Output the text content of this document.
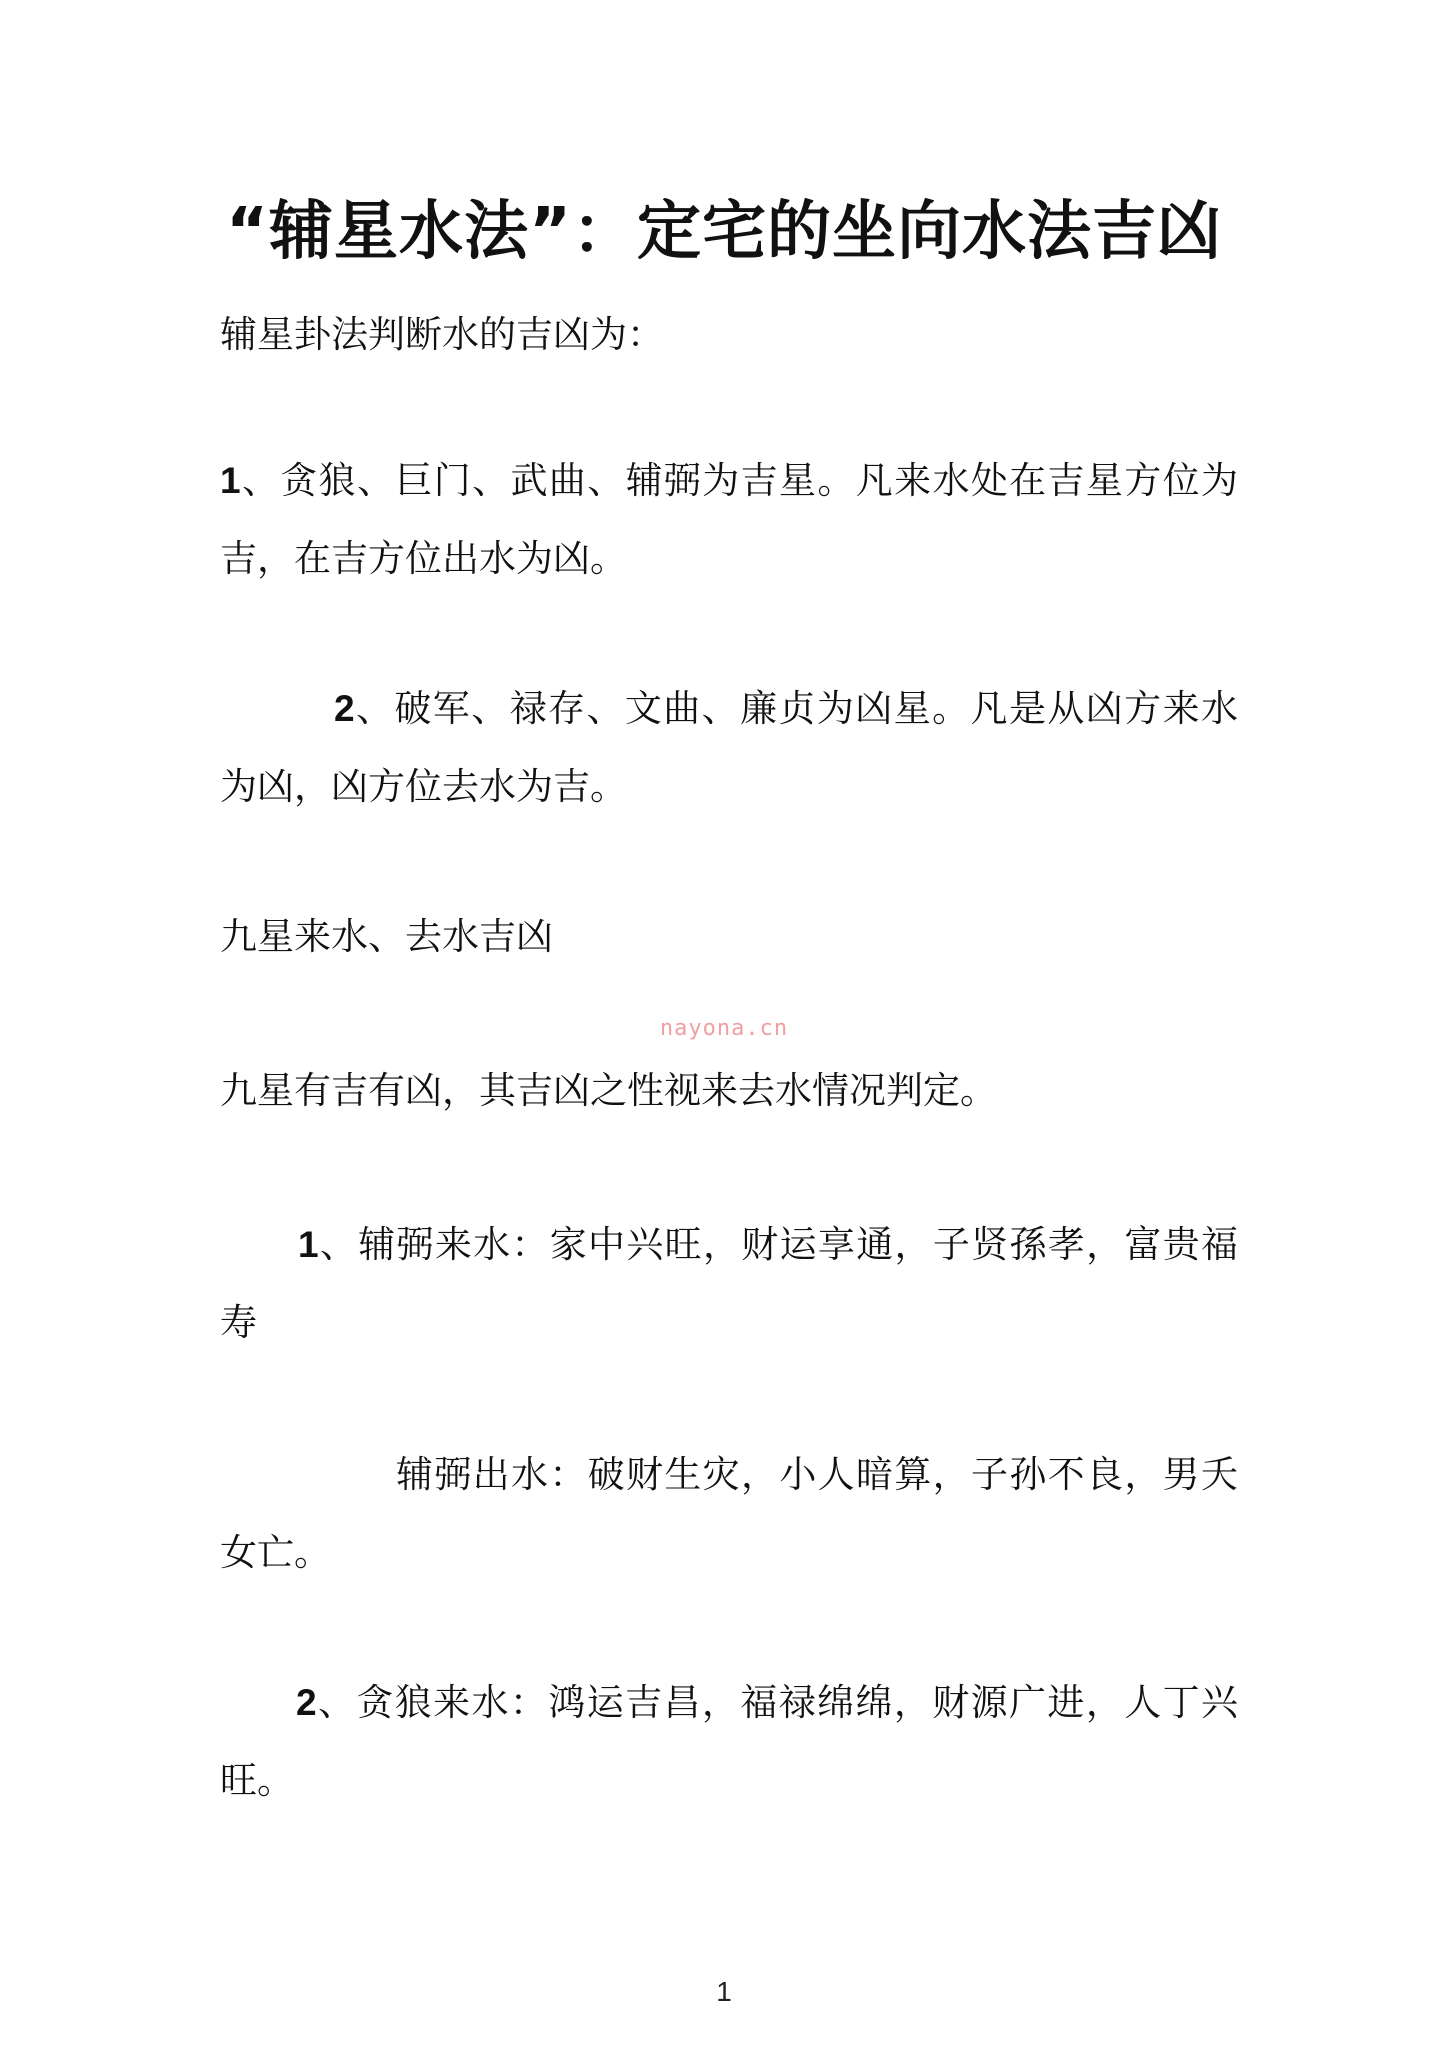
“辅星水法”：定宅的坐向水法吉凶
辅星卦法判断水的吉凶为：
1、贪狼、巨门、武曲、辅弼为吉星。凡来水处在吉星方位为吉，在吉方位出水为凶。
2、破军、禄存、文曲、廉贞为凶星。凡是从凶方来水为凶，凶方位去水为吉。
九星来水、去水吉凶
nayona.cn
九星有吉有凶，其吉凶之性视来去水情况判定。
1、辅弼来水：家中兴旺，财运享通，子贤孫孝，富贵福寿
辅弼出水：破财生灾，小人暗算，子孙不良，男夭女亡。
2、贪狼来水：鸿运吉昌，福禄绵绵，财源广进，人丁兴旺。
1
